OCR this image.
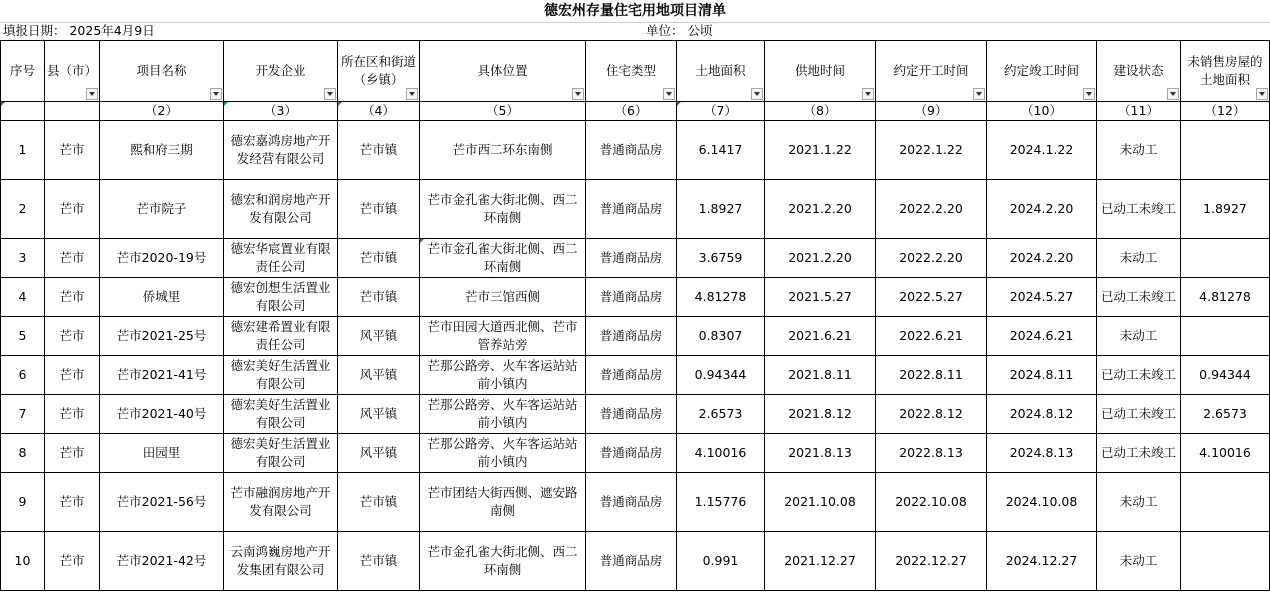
德宏州存量住宅用地项目清单
填报日期： 2025年4月9日	单位： 公顷
序号	县（市）	项目名称	开发企业	所在区和街道（乡镇）	具体位置	住宅类型	土地面积	供地时间	约定开工时间	约定竣工时间	建设状态	未销售房屋的土地面积

		（2）	（3）	（4）	（5）	（6）	（7）	（8）	（9）	（10）	（11）	（12）
1	芒市	熙和府三期	德宏嘉鸿房地产开发经营有限公司	芒市镇	芒市西二环东南侧	普通商品房	6.1417	2021.1.22	2022.1.22	2024.1.22	未动工	
2	芒市	芒市院子	德宏和润房地产开发有限公司	芒市镇	芒市金孔雀大街北侧、西二环南侧	普通商品房	1.8927	2021.2.20	2022.2.20	2024.2.20	已动工未竣工	1.8927
3	芒市	芒市2020-19号	德宏华宸置业有限责任公司	芒市镇	芒市金孔雀大街北侧、西二环南侧	普通商品房	3.6759	2021.2.20	2022.2.20	2024.2.20	未动工	
4	芒市	侨城里	德宏创想生活置业有限公司	芒市镇	芒市三馆西侧	普通商品房	4.81278	2021.5.27	2022.5.27	2024.5.27	已动工未竣工	4.81278
5	芒市	芒市2021-25号	德宏建希置业有限责任公司	风平镇	芒市田园大道西北侧、芒市管养站旁	普通商品房	0.8307	2021.6.21	2022.6.21	2024.6.21	未动工	
6	芒市	芒市2021-41号	德宏美好生活置业有限公司	风平镇	芒那公路旁、火车客运站站前小镇内	普通商品房	0.94344	2021.8.11	2022.8.11	2024.8.11	已动工未竣工	0.94344
7	芒市	芒市2021-40号	德宏美好生活置业有限公司	风平镇	芒那公路旁、火车客运站站前小镇内	普通商品房	2.6573	2021.8.12	2022.8.12	2024.8.12	已动工未竣工	2.6573
8	芒市	田园里	德宏美好生活置业有限公司	风平镇	芒那公路旁、火车客运站站前小镇内	普通商品房	4.10016	2021.8.13	2022.8.13	2024.8.13	已动工未竣工	4.10016
9	芒市	芒市2021-56号	芒市融润房地产开发有限公司	芒市镇	芒市团结大街西侧、遮安路南侧	普通商品房	1.15776	2021.10.08	2022.10.08	2024.10.08	未动工	
10	芒市	芒市2021-42号	云南鸿巍房地产开发集团有限公司	芒市镇	芒市金孔雀大街北侧、西二环南侧	普通商品房	0.991	2021.12.27	2022.12.27	2024.12.27	未动工	
